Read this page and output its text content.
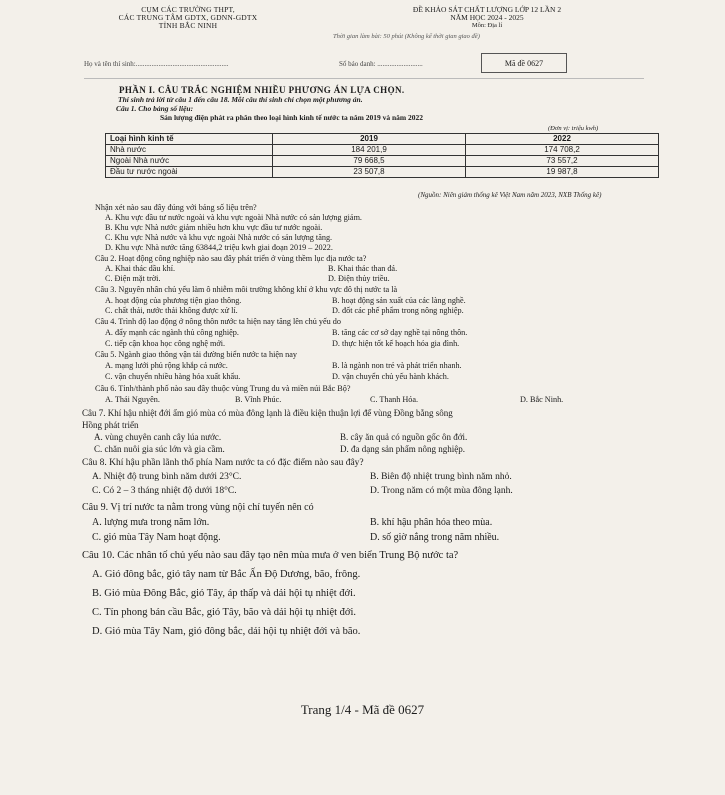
CỤM CÁC TRƯỜNG THPT,
CÁC TRUNG TÂM GDTX, GDNN-GDTX
TỈNH BẮC NINH
ĐỀ KHẢO SÁT CHẤT LƯỢNG LỚP 12 LẦN 2
NĂM HỌC 2024 - 2025
Môn: Địa lí
Thời gian làm bài: 50 phút (Không kể thời gian giao đề)
Họ và tên thí sinh:.....................................................	Số báo danh: ..........................	Mã đề 0627
PHẦN I. CÂU TRẮC NGHIỆM NHIỀU PHƯƠNG ÁN LỰA CHỌN.
Thí sinh trả lời từ câu 1 đến câu 18. Mỗi câu thí sinh chỉ chọn một phương án.
Câu 1. Cho bảng số liệu:
Sản lượng điện phát ra phân theo loại hình kinh tế nước ta năm 2019 và năm 2022
(Đơn vị: triệu kwh)
Loại hình kinh tế	2019	2022
Nhà nước	184 201,9	174 708,2
Ngoài Nhà nước	79 668,5	73 557,2
Đầu tư nước ngoài	23 507,8	19 987,8
(Nguồn: Niên giám thống kê Việt Nam năm 2023, NXB Thống kê)
Nhận xét nào sau đây đúng với bảng số liệu trên?
A. Khu vực đầu tư nước ngoài và khu vực ngoài Nhà nước có sản lượng giảm.
B. Khu vực Nhà nước giảm nhiều hơn khu vực đầu tư nước ngoài.
C. Khu vực Nhà nước và khu vực ngoài Nhà nước có sản lượng tăng.
D. Khu vực Nhà nước tăng 63844,2 triệu kwh giai đoạn 2019 – 2022.
Câu 2. Hoạt động công nghiệp nào sau đây phát triển ở vùng thềm lục địa nước ta?
A. Khai thác dầu khí.	B. Khai thác than đá.
C. Điện mặt trời.	D. Điện thủy triều.
Câu 3. Nguyên nhân chủ yếu làm ô nhiễm môi trường không khí ở khu vực đô thị nước ta là
A. hoạt động của phương tiện giao thông.	B. hoạt động sản xuất của các làng nghề.
C. chất thải, nước thải không được xử lí.	D. đốt các phế phẩm trong nông nghiệp.
Câu 4. Trình độ lao động ở nông thôn nước ta hiện nay tăng lên chủ yếu do
A. đẩy mạnh các ngành thủ công nghiệp.	B. tăng các cơ sở dạy nghề tại nông thôn.
C. tiếp cận khoa học công nghệ mới.	D. thực hiện tốt kế hoạch hóa gia đình.
Câu 5. Ngành giao thông vận tải đường biển nước ta hiện nay
A. mạng lưới phủ rộng khắp cả nước.	B. là ngành non trẻ và phát triển nhanh.
C. vận chuyển nhiều hàng hóa xuất khẩu.	D. vận chuyển chủ yếu hành khách.
Câu 6. Tỉnh/thành phố nào sau đây thuộc vùng Trung du và miền núi Bắc Bộ?
A. Thái Nguyên.	B. Vĩnh Phúc.	C. Thanh Hóa.	D. Bắc Ninh.
Câu 7. Khí hậu nhiệt đới ẩm gió mùa có mùa đông lạnh là điều kiện thuận lợi để vùng Đồng bằng sông
Hồng phát triển
A. vùng chuyên canh cây lúa nước.	B. cây ăn quả có nguồn gốc ôn đới.
C. chăn nuôi gia súc lớn và gia cầm.	D. đa dạng sản phẩm nông nghiệp.
Câu 8. Khí hậu phần lãnh thổ phía Nam nước ta có đặc điểm nào sau đây?
A. Nhiệt độ trung bình năm dưới 23°C.	B. Biên độ nhiệt trung bình năm nhỏ.
C. Có 2 – 3 tháng nhiệt độ dưới 18°C.	D. Trong năm có một mùa đông lạnh.
Câu 9. Vị trí nước ta nằm trong vùng nội chí tuyến nên có
A. lượng mưa trong năm lớn.	B. khí hậu phân hóa theo mùa.
C. gió mùa Tây Nam hoạt động.	D. số giờ nắng trong năm nhiều.
Câu 10. Các nhân tố chủ yếu nào sau đây tạo nên mùa mưa ở ven biển Trung Bộ nước ta?
A. Gió đông bắc, gió tây nam từ Bắc Ấn Độ Dương, bão, frông.
B. Gió mùa Đông Bắc, gió Tây, áp thấp và dải hội tụ nhiệt đới.
C. Tín phong bán cầu Bắc, gió Tây, bão và dải hội tụ nhiệt đới.
D. Gió mùa Tây Nam, gió đông bắc, dải hội tụ nhiệt đới và bão.
Trang 1/4 - Mã đề 0627
